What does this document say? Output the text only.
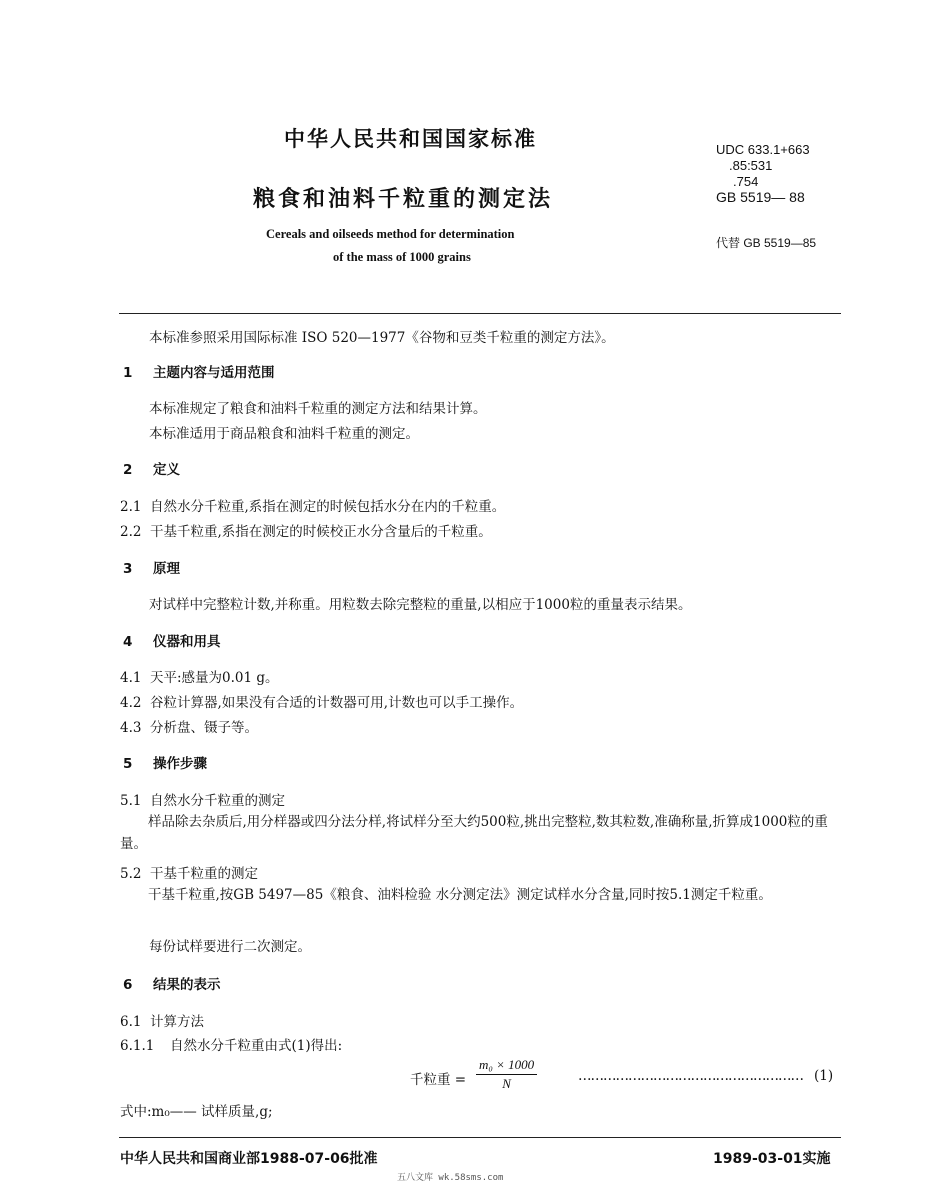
中华人民共和国国家标准
粮食和油料千粒重的测定法
Cereals and oilseeds method for determination
of the mass of 1000 grains
UDC 633.1+663
.85:531
.754
GB 5519— 88
代替 GB 5519—85
本标准参照采用国际标准 ISO 520—1977《谷物和豆类千粒重的测定方法》。
1 主题内容与适用范围
本标准规定了粮食和油料千粒重的测定方法和结果计算。
本标准适用于商品粮食和油料千粒重的测定。
2 定义
2.1 自然水分千粒重,系指在测定的时候包括水分在内的千粒重。
2.2 干基千粒重,系指在测定的时候校正水分含量后的千粒重。
3 原理
对试样中完整粒计数,并称重。用粒数去除完整粒的重量,以相应于1000粒的重量表示结果。
4 仪器和用具
4.1 天平:感量为0.01 g。
4.2 谷粒计算器,如果没有合适的计数器可用,计数也可以手工操作。
4.3 分析盘、镊子等。
5 操作步骤
5.1 自然水分千粒重的测定
样品除去杂质后,用分样器或四分法分样,将试样分至大约500粒,挑出完整粒,数其粒数,准确称量,折算成1000粒的重量。
5.2 干基千粒重的测定
干基千粒重,按GB 5497—85《粮食、油料检验 水分测定法》测定试样水分含量,同时按5.1测定千粒重。
每份试样要进行二次测定。
6 结果的表示
6.1 计算方法
6.1.1 自然水分千粒重由式(1)得出:
千粒重 = $\frac{\text{m₀ × 1000}}{N}$	……………………………………………… (1)
式中:m₀—— 试样质量,g;
中华人民共和国商业部1988-07-06批准	1989-03-01实施
五八文库 wk.58sms.com
